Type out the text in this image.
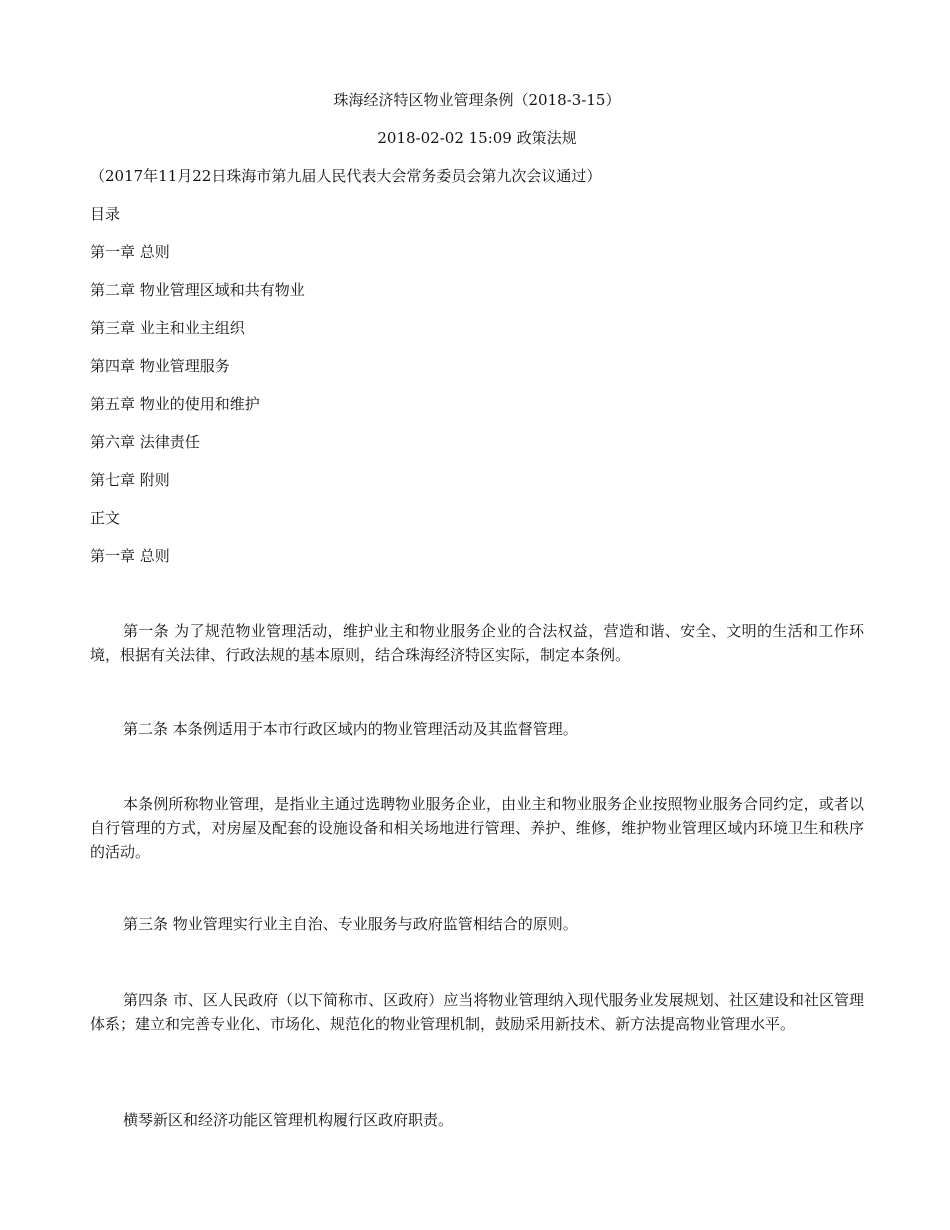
珠海经济特区物业管理条例（2018-3-15）
2018-02-02 15:09 政策法规
（2017年11月22日珠海市第九届人民代表大会常务委员会第九次会议通过）
目录
第一章 总则
第二章 物业管理区域和共有物业
第三章 业主和业主组织
第四章 物业管理服务
第五章 物业的使用和维护
第六章 法律责任
第七章 附则
正文
第一章 总则
第一条 为了规范物业管理活动，维护业主和物业服务企业的合法权益，营造和谐、安全、文明的生活和工作环境，根据有关法律、行政法规的基本原则，结合珠海经济特区实际，制定本条例。
第二条 本条例适用于本市行政区域内的物业管理活动及其监督管理。
本条例所称物业管理，是指业主通过选聘物业服务企业，由业主和物业服务企业按照物业服务合同约定，或者以自行管理的方式，对房屋及配套的设施设备和相关场地进行管理、养护、维修，维护物业管理区域内环境卫生和秩序的活动。
第三条 物业管理实行业主自治、专业服务与政府监管相结合的原则。
第四条 市、区人民政府（以下简称市、区政府）应当将物业管理纳入现代服务业发展规划、社区建设和社区管理体系；建立和完善专业化、市场化、规范化的物业管理机制，鼓励采用新技术、新方法提高物业管理水平。
横琴新区和经济功能区管理机构履行区政府职责。
